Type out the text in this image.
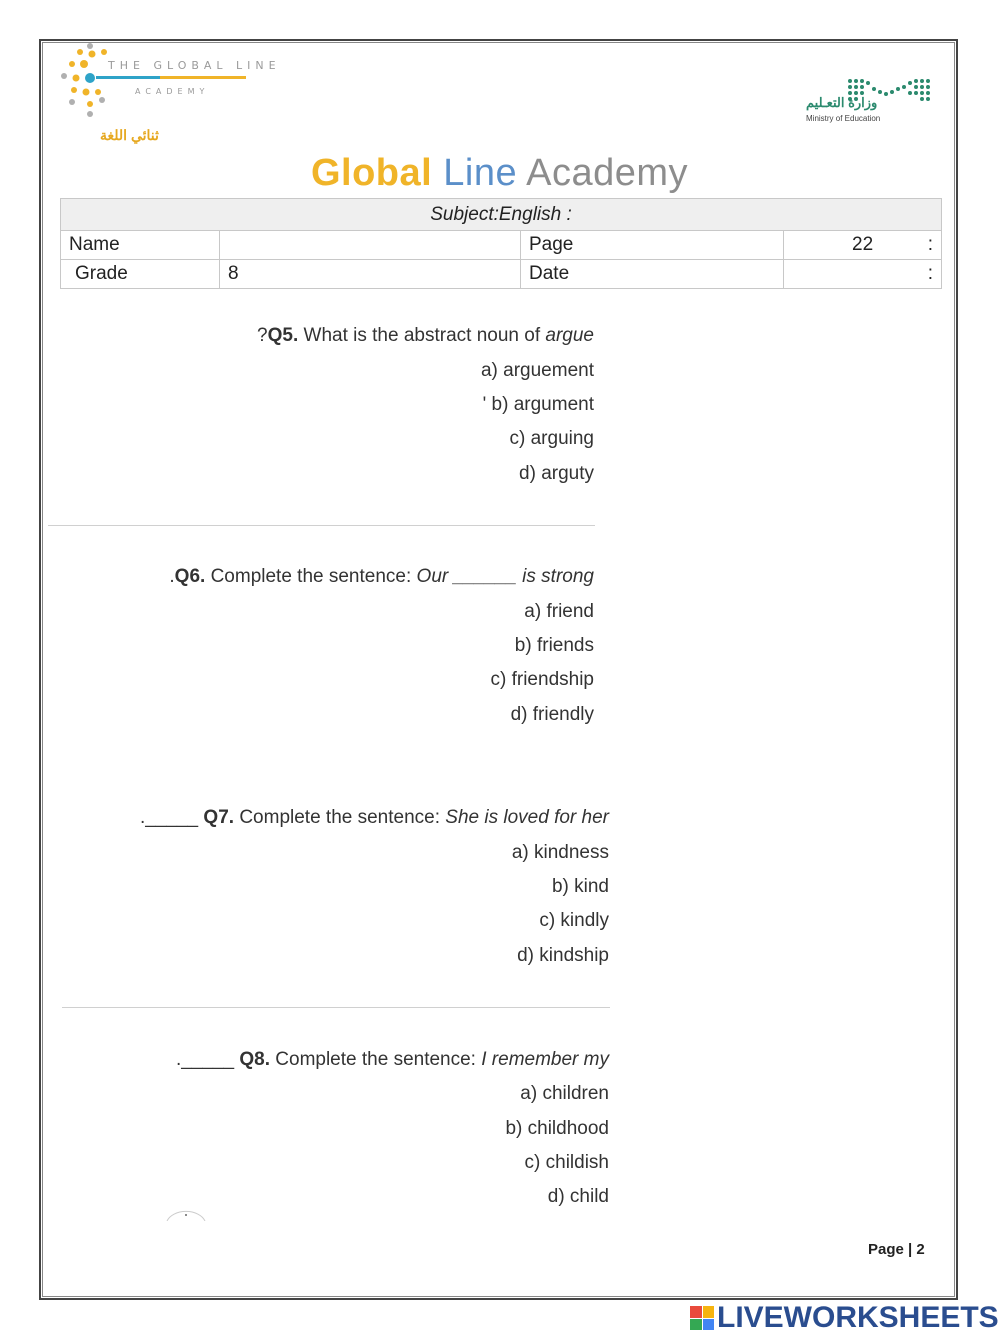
THE GLOBAL LINE
ACADEMY
ثنائي اللغة
وزارة التعـليم
Ministry of Education
Global Line Academy
Subject:English :			
Name		Page	22 :

Grade	8	Date	:
?Q5. What is the abstract noun of argue
a) arguement
' b) argument
c) arguing
d) arguty
.Q6. Complete the sentence: Our ______ is strong
a) friend
b) friends
c) friendship
d) friendly
._____ Q7. Complete the sentence: She is loved for her
a) kindness
b) kind
c) kindly
d) kindship
._____ Q8. Complete the sentence: I remember my
a) children
b) childhood
c) childish
d) child
Page | 2
LIVEWORKSHEETS
